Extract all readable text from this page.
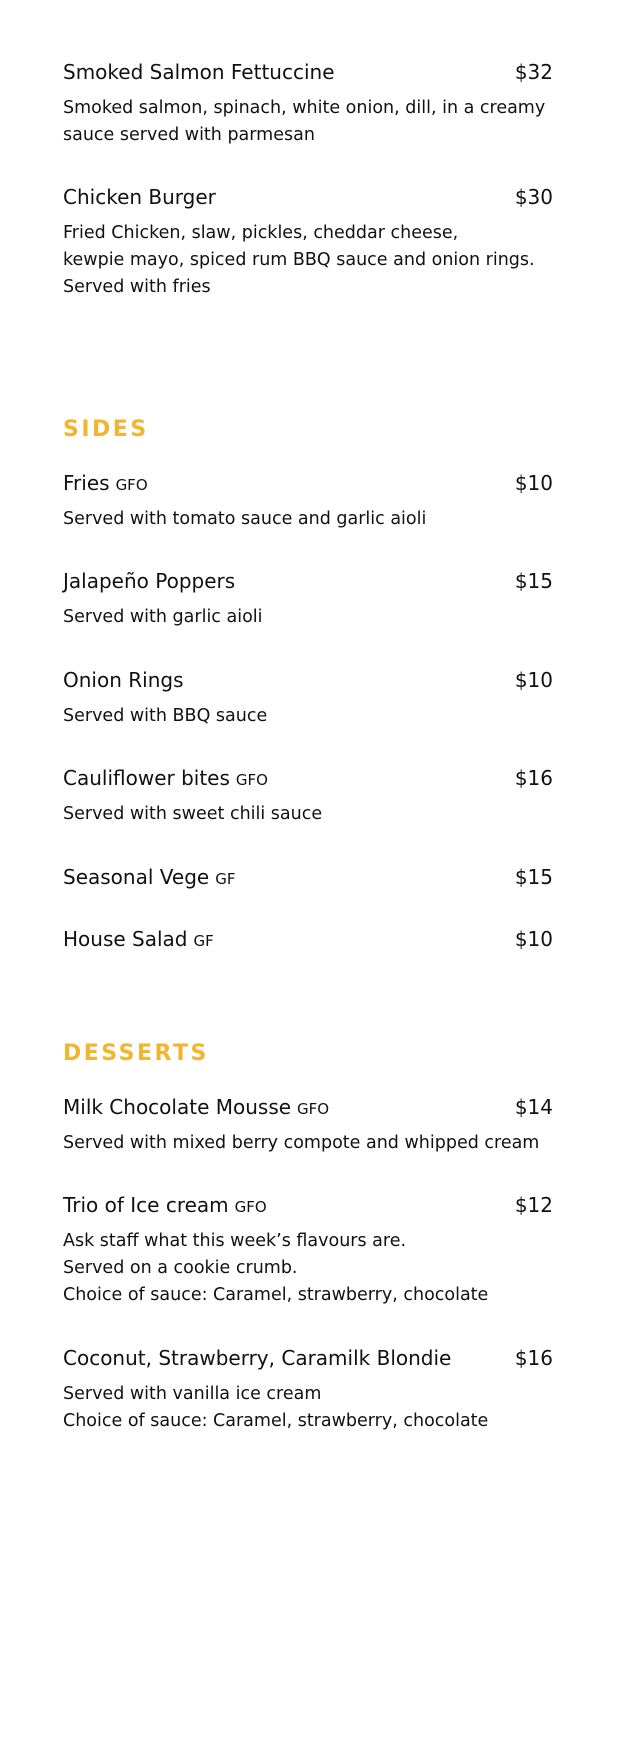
Smoked Salmon Fettuccine	$32
Smoked salmon, spinach, white onion, dill, in a creamy
sauce served with parmesan
Chicken Burger	$30
Fried Chicken, slaw, pickles, cheddar cheese,
kewpie mayo, spiced rum BBQ sauce and onion rings.
Served with fries
SIDES
Fries GFO	$10
Served with tomato sauce and garlic aioli
Jalapeño Poppers	$15
Served with garlic aioli
Onion Rings	$10
Served with BBQ sauce
Cauliflower bites GFO	$16
Served with sweet chili sauce
Seasonal Vege GF	$15
House Salad GF	$10
DESSERTS
Milk Chocolate Mousse GFO	$14
Served with mixed berry compote and whipped cream
Trio of Ice cream GFO	$12
Ask staff what this week’s flavours are.
Served on a cookie crumb.
Choice of sauce: Caramel, strawberry, chocolate
Coconut, Strawberry, Caramilk Blondie	$16
Served with vanilla ice cream
Choice of sauce: Caramel, strawberry, chocolate
